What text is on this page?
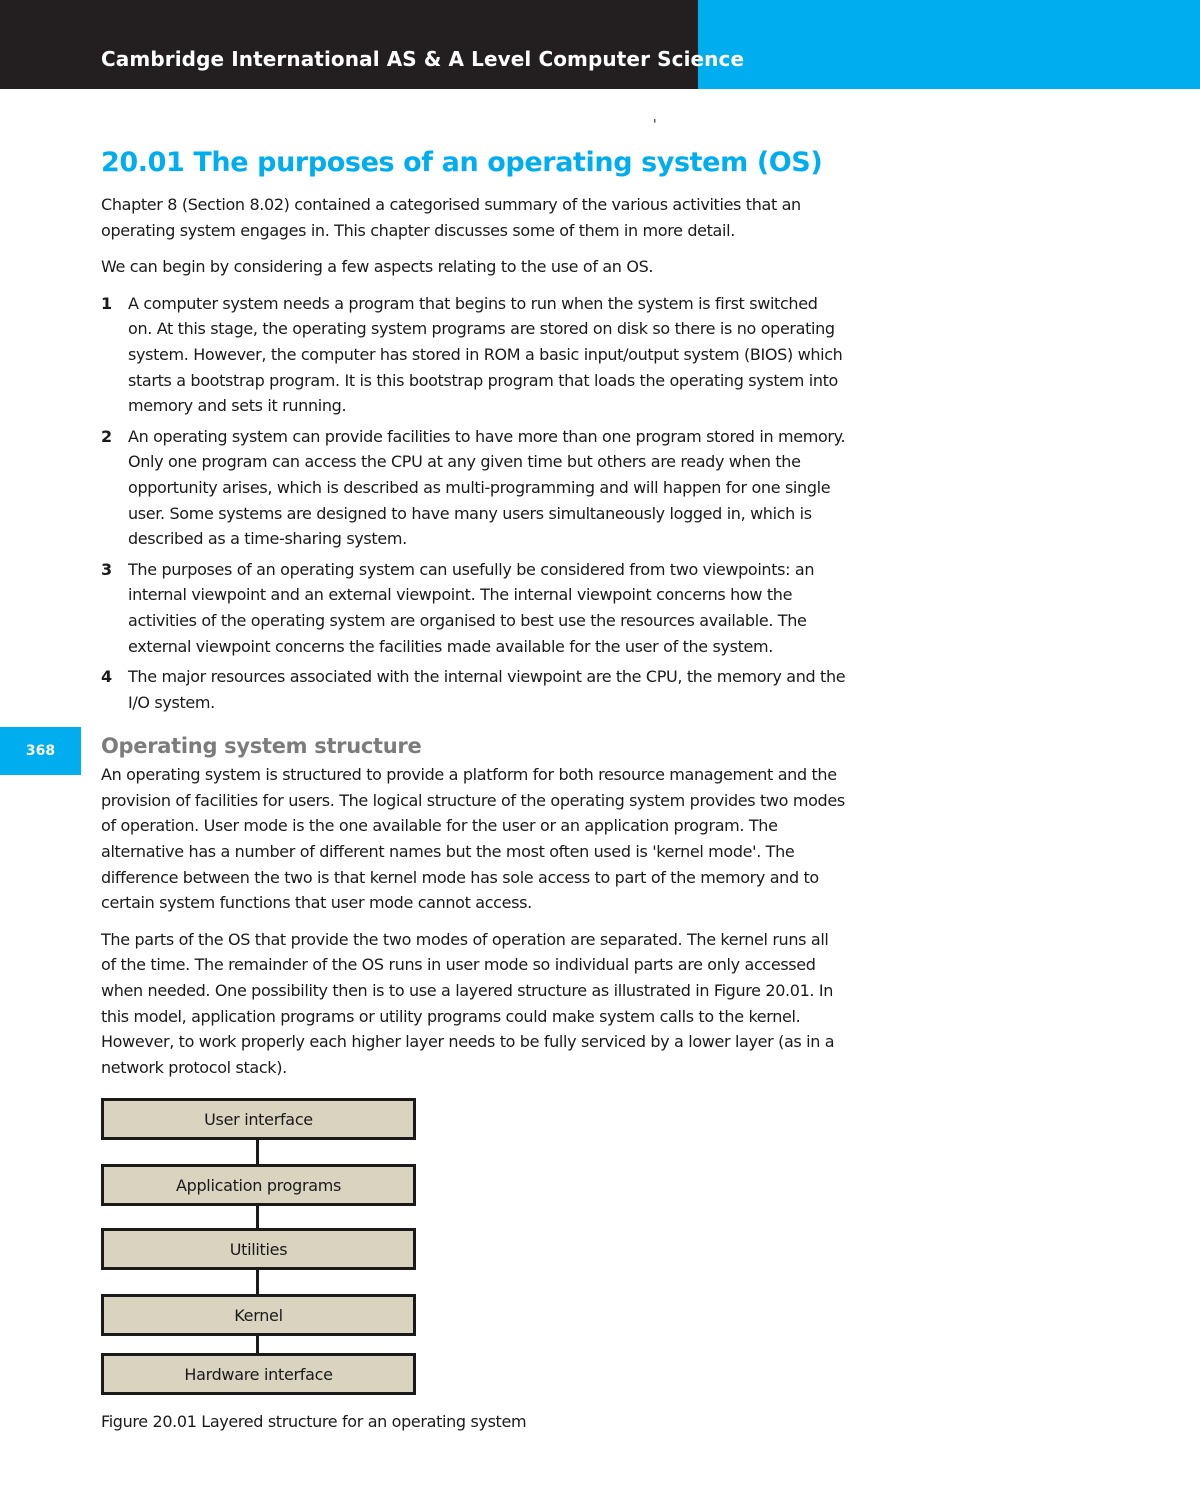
Cambridge International AS & A Level Computer Science
'
368
20.01 The purposes of an operating system (OS)

Chapter 8 (Section 8.02) contained a categorised summary of the various activities that an operating system engages in. This chapter discusses some of them in more detail.

We can begin by considering a few aspects relating to the use of an OS.

1	A computer system needs a program that begins to run when the system is first switched on. At this stage, the operating system programs are stored on disk so there is no operating system. However, the computer has stored in ROM a basic input/output system (BIOS) which starts a bootstrap program. It is this bootstrap program that loads the operating system into memory and sets it running.
2	An operating system can provide facilities to have more than one program stored in memory. Only one program can access the CPU at any given time but others are ready when the opportunity arises, which is described as multi-programming and will happen for one single user. Some systems are designed to have many users simultaneously logged in, which is described as a time-sharing system.
3	The purposes of an operating system can usefully be considered from two viewpoints: an internal viewpoint and an external viewpoint. The internal viewpoint concerns how the activities of the operating system are organised to best use the resources available. The external viewpoint concerns the facilities made available for the user of the system.
4	The major resources associated with the internal viewpoint are the CPU, the memory and the I/O system.
Operating system structure

An operating system is structured to provide a platform for both resource management and the provision of facilities for users. The logical structure of the operating system provides two modes of operation. User mode is the one available for the user or an application program. The alternative has a number of different names but the most often used is 'kernel mode'. The difference between the two is that kernel mode has sole access to part of the memory and to certain system functions that user mode cannot access.

The parts of the OS that provide the two modes of operation are separated. The kernel runs all of the time. The remainder of the OS runs in user mode so individual parts are only accessed when needed. One possibility then is to use a layered structure as illustrated in Figure 20.01. In this model, application programs or utility programs could make system calls to the kernel. However, to work properly each higher layer needs to be fully serviced by a lower layer (as in a network protocol stack).

User interface
Application programs
Utilities
Kernel
Hardware interface

Figure 20.01 Layered structure for an operating system
